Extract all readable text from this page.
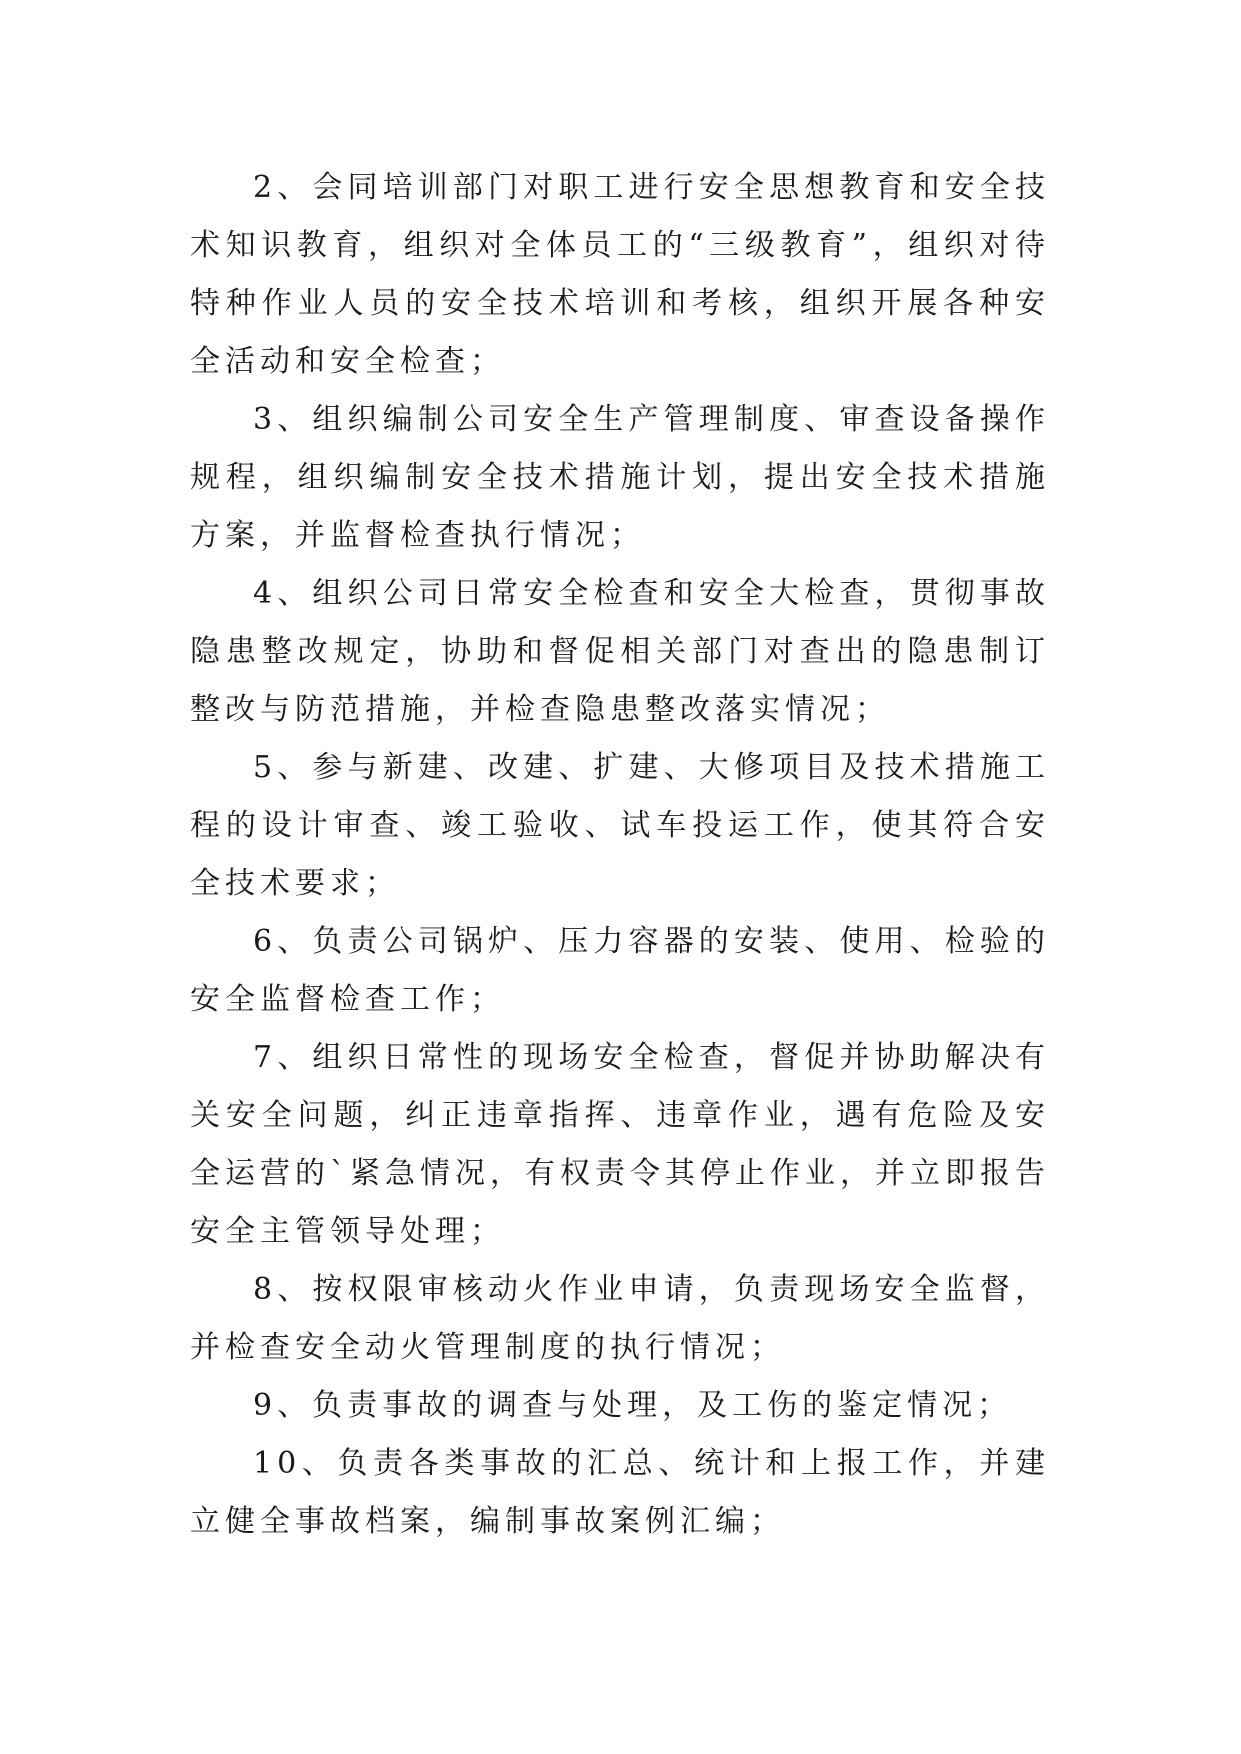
2、会同培训部门对职工进行安全思想教育和安全技术知识教育，组织对全体员工的“三级教育”，组织对待特种作业人员的安全技术培训和考核，组织开展各种安全活动和安全检查；

3、组织编制公司安全生产管理制度、审查设备操作规程，组织编制安全技术措施计划，提出安全技术措施方案，并监督检查执行情况；

4、组织公司日常安全检查和安全大检查，贯彻事故隐患整改规定，协助和督促相关部门对查出的隐患制订整改与防范措施，并检查隐患整改落实情况；

5、参与新建、改建、扩建、大修项目及技术措施工程的设计审查、竣工验收、试车投运工作，使其符合安全技术要求；

6、负责公司锅炉、压力容器的安装、使用、检验的安全监督检查工作；

7、组织日常性的现场安全检查，督促并协助解决有关安全问题，纠正违章指挥、违章作业，遇有危险及安全运营的`紧急情况，有权责令其停止作业，并立即报告安全主管领导处理；

8、按权限审核动火作业申请，负责现场安全监督，并检查安全动火管理制度的执行情况；

9、负责事故的调查与处理，及工伤的鉴定情况；

10、负责各类事故的汇总、统计和上报工作，并建立健全事故档案，编制事故案例汇编；
